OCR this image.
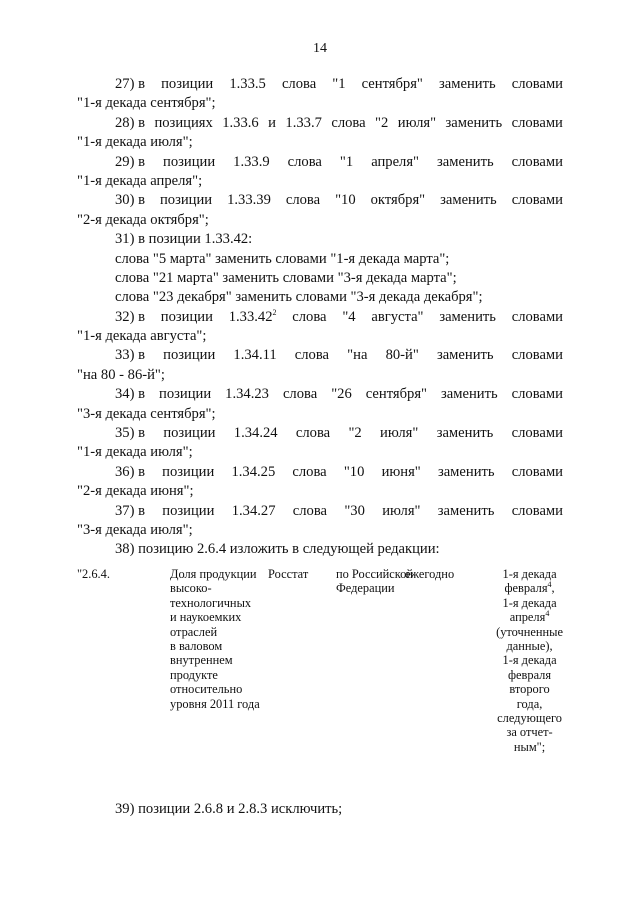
14
27) в позиции 1.33.5 слова "1 сентября" заменить словами
"1-я декада сентября";
28) в позициях 1.33.6 и 1.33.7 слова "2 июля" заменить словами
"1-я декада июля";
29) в позиции 1.33.9 слова "1 апреля" заменить словами
"1-я декада апреля";
30) в позиции 1.33.39 слова "10 октября" заменить словами
"2-я декада октября";
31) в позиции 1.33.42:
слова "5 марта" заменить словами "1-я декада марта";
слова "21 марта" заменить словами "3-я декада марта";
слова "23 декабря" заменить словами "3-я декада декабря";
32) в позиции 1.33.42$^2$ слова "4 августа" заменить словами
"1-я декада августа";
33) в позиции 1.34.11 слова "на 80-й" заменить словами
"на 80 - 86-й";
34) в позиции 1.34.23 слова "26 сентября" заменить словами
"3-я декада сентября";
35) в позиции 1.34.24 слова "2 июля" заменить словами
"1-я декада июля";
36) в позиции 1.34.25 слова "10 июня" заменить словами
"2-я декада июня";
37) в позиции 1.34.27 слова "30 июля" заменить словами
"3-я декада июля";
38) позицию 2.6.4 изложить в следующей редакции:
"2.6.4.	Доля продукции
высоко-
технологичных
и наукоемких
отраслей
в валовом
внутреннем
продукте
относительно
уровня 2011 года
Росстат по Российской
Федерации
ежегодно	1-я декада
февраля$^4$,
1-я декада
апреля$^4$
(уточненные
данные),
1-я декада
февраля
второго
года,
следующего
за отчет-
ным";
39) позиции 2.6.8 и 2.8.3 исключить;
